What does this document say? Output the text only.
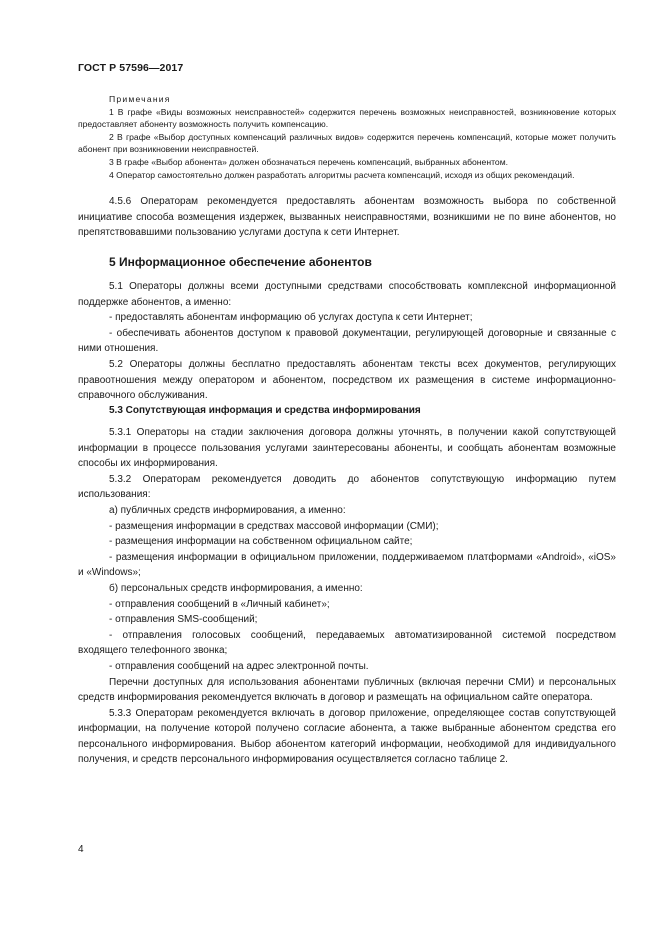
ГОСТ Р 57596—2017
Примечания
1 В графе «Виды возможных неисправностей» содержится перечень возможных неисправностей, возникновение которых предоставляет абоненту возможность получить компенсацию.
2 В графе «Выбор доступных компенсаций различных видов» содержится перечень компенсаций, которые может получить абонент при возникновении неисправностей.
3 В графе «Выбор абонента» должен обозначаться перечень компенсаций, выбранных абонентом.
4 Оператор самостоятельно должен разработать алгоритмы расчета компенсаций, исходя из общих рекомендаций.

4.5.6 Операторам рекомендуется предоставлять абонентам возможность выбора по собственной инициативе способа возмещения издержек, вызванных неисправностями, возникшими не по вине абонентов, но препятствовавшими пользованию услугами доступа к сети Интернет.

5 Информационное обеспечение абонентов

5.1 Операторы должны всеми доступными средствами способствовать комплексной информационной поддержке абонентов, а именно:

- предоставлять абонентам информацию об услугах доступа к сети Интернет;

- обеспечивать абонентов доступом к правовой документации, регулирующей договорные и связанные с ними отношения.

5.2 Операторы должны бесплатно предоставлять абонентам тексты всех документов, регулирующих правоотношения между оператором и абонентом, посредством их размещения в системе информационно-справочного обслуживания.

5.3 Сопутствующая информация и средства информирования

5.3.1 Операторы на стадии заключения договора должны уточнять, в получении какой сопутствующей информации в процессе пользования услугами заинтересованы абоненты, и сообщать абонентам возможные способы их информирования.

5.3.2 Операторам рекомендуется доводить до абонентов сопутствующую информацию путем использования:

а) публичных средств информирования, а именно:

- размещения информации в средствах массовой информации (СМИ);

- размещения информации на собственном официальном сайте;

- размещения информации в официальном приложении, поддерживаемом платформами «Android», «iOS» и «Windows»;

б) персональных средств информирования, а именно:

- отправления сообщений в «Личный кабинет»;

- отправления SMS-сообщений;

- отправления голосовых сообщений, передаваемых автоматизированной системой посредством входящего телефонного звонка;

- отправления сообщений на адрес электронной почты.

Перечни доступных для использования абонентами публичных (включая перечни СМИ) и персональных средств информирования рекомендуется включать в договор и размещать на официальном сайте оператора.

5.3.3 Операторам рекомендуется включать в договор приложение, определяющее состав сопутствующей информации, на получение которой получено согласие абонента, а также выбранные абонентом средства его персонального информирования. Выбор абонентом категорий информации, необходимой для индивидуального получения, и средств персонального информирования осуществляется согласно таблице 2.

4
